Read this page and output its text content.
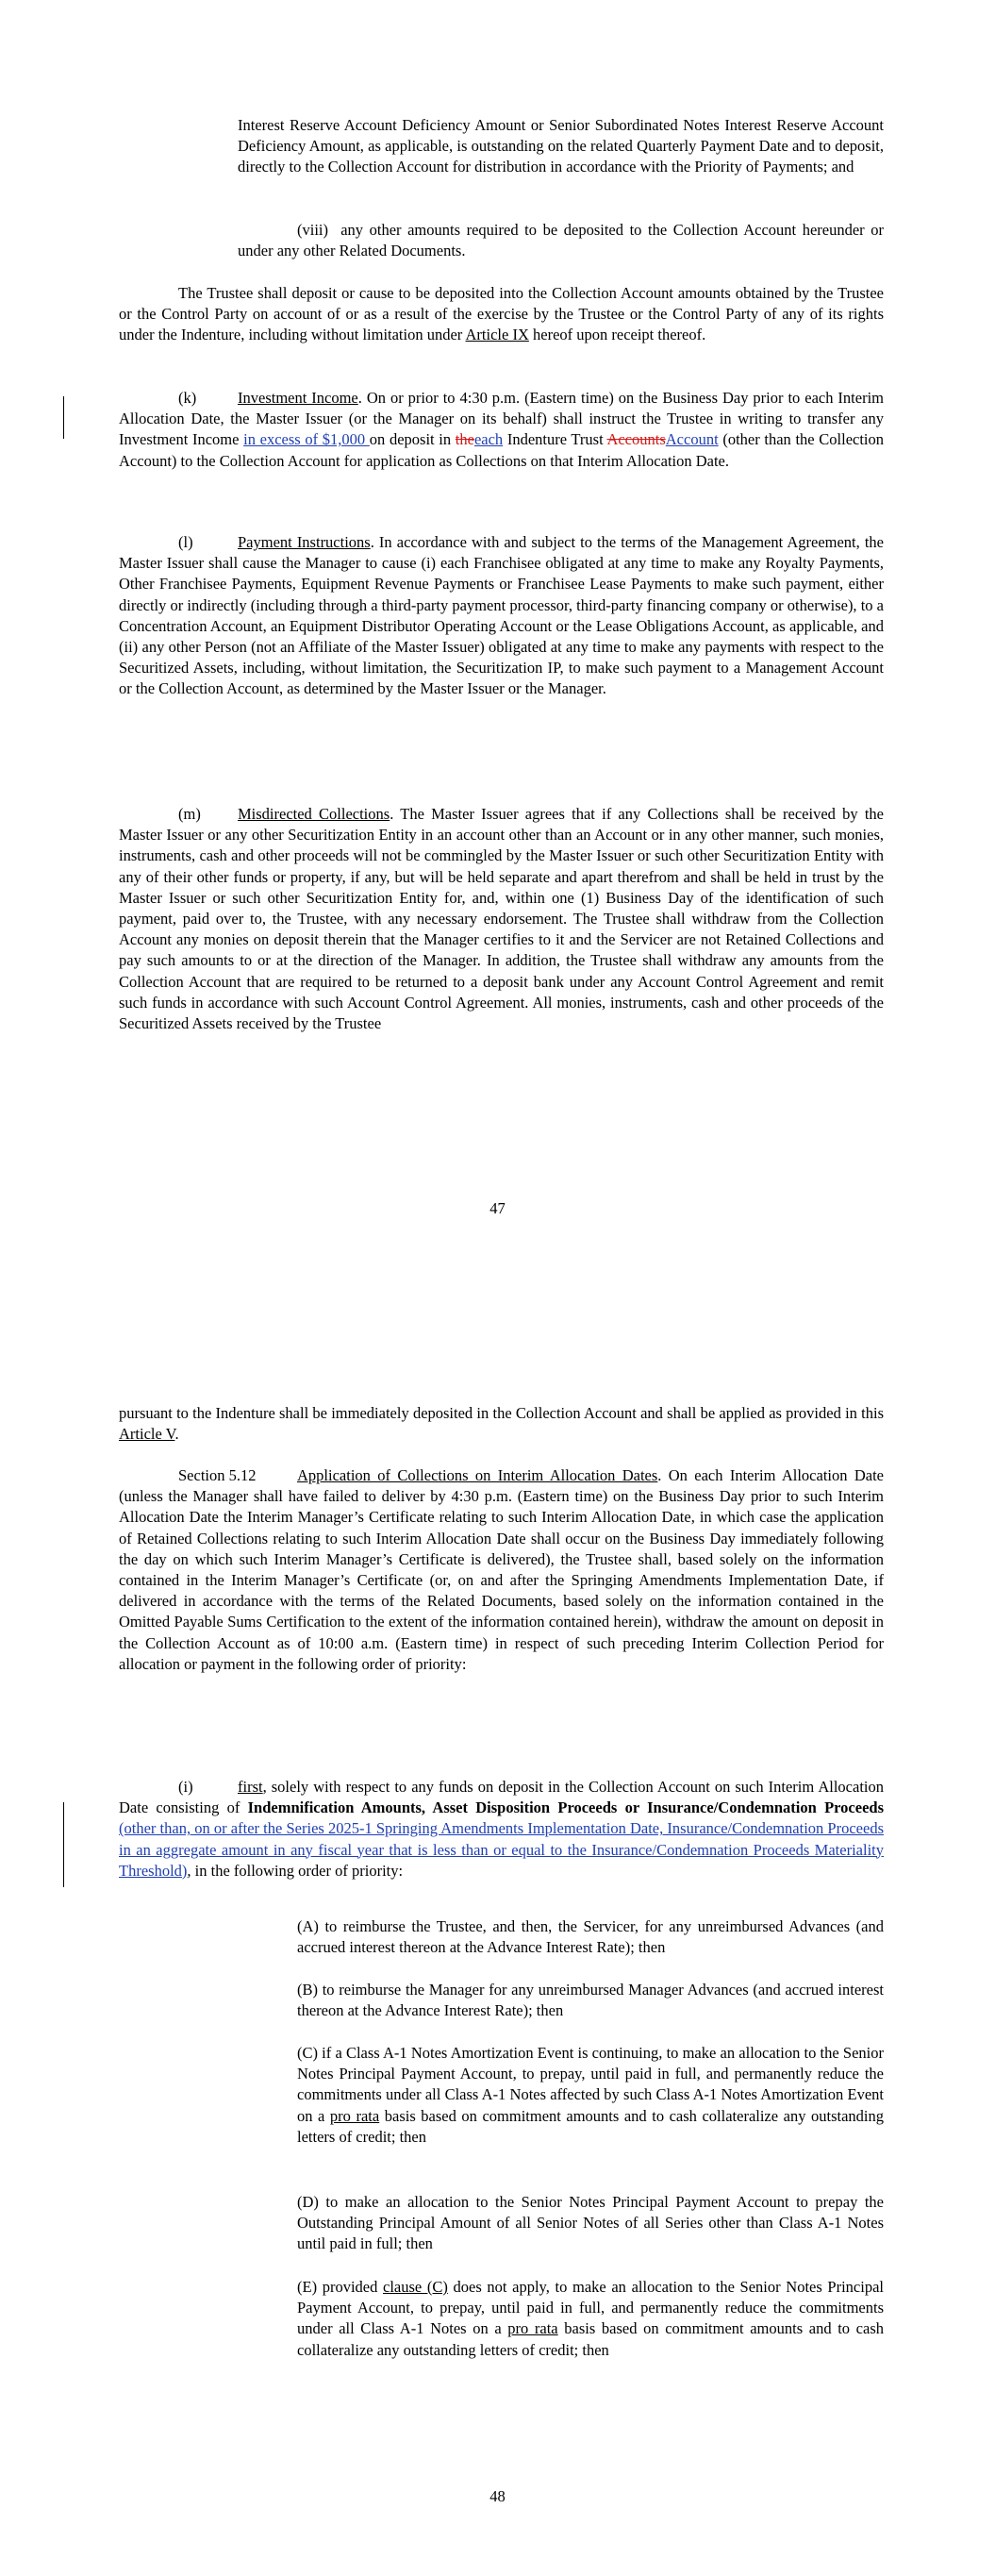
Interest Reserve Account Deficiency Amount or Senior Subordinated Notes Interest Reserve Account Deficiency Amount, as applicable, is outstanding on the related Quarterly Payment Date and to deposit, directly to the Collection Account for distribution in accordance with the Priority of Payments; and

(viii) any other amounts required to be deposited to the Collection Account hereunder or under any other Related Documents.

The Trustee shall deposit or cause to be deposited into the Collection Account amounts obtained by the Trustee or the Control Party on account of or as a result of the exercise by the Trustee or the Control Party of any of its rights under the Indenture, including without limitation under Article IX hereof upon receipt thereof.

(k)	Investment Income. On or prior to 4:30 p.m. (Eastern time) on the Business Day prior to each Interim Allocation Date, the Master Issuer (or the Manager on its behalf) shall instruct the Trustee in writing to transfer any Investment Income in excess of $1,000 on deposit in theeach Indenture Trust AccountsAccount (other than the Collection Account) to the Collection Account for application as Collections on that Interim Allocation Date.

(l)	Payment Instructions. In accordance with and subject to the terms of the Management Agreement, the Master Issuer shall cause the Manager to cause (i) each Franchisee obligated at any time to make any Royalty Payments, Other Franchisee Payments, Equipment Revenue Payments or Franchisee Lease Payments to make such payment, either directly or indirectly (including through a third-party payment processor, third-party financing company or otherwise), to a Concentration Account, an Equipment Distributor Operating Account or the Lease Obligations Account, as applicable, and (ii) any other Person (not an Affiliate of the Master Issuer) obligated at any time to make any payments with respect to the Securitized Assets, including, without limitation, the Securitization IP, to make such payment to a Management Account or the Collection Account, as determined by the Master Issuer or the Manager.

(m) Misdirected Collections. The Master Issuer agrees that if any Collections shall be received by the Master Issuer or any other Securitization Entity in an account other than an Account or in any other manner, such monies, instruments, cash and other proceeds will not be commingled by the Master Issuer or such other Securitization Entity with any of their other funds or property, if any, but will be held separate and apart therefrom and shall be held in trust by the Master Issuer or such other Securitization Entity for, and, within one (1) Business Day of the identification of such payment, paid over to, the Trustee, with any necessary endorsement. The Trustee shall withdraw from the Collection Account any monies on deposit therein that the Manager certifies to it and the Servicer are not Retained Collections and pay such amounts to or at the direction of the Manager. In addition, the Trustee shall withdraw any amounts from the Collection Account that are required to be returned to a deposit bank under any Account Control Agreement and remit such funds in accordance with such Account Control Agreement. All monies, instruments, cash and other proceeds of the Securitized Assets received by the Trustee

47

pursuant to the Indenture shall be immediately deposited in the Collection Account and shall be applied as provided in this Article V.

Section 5.12	Application of Collections on Interim Allocation Dates. On each Interim Allocation Date (unless the Manager shall have failed to deliver by 4:30 p.m. (Eastern time) on the Business Day prior to such Interim Allocation Date the Interim Manager’s Certificate relating to such Interim Allocation Date, in which case the application of Retained Collections relating to such Interim Allocation Date shall occur on the Business Day immediately following the day on which such Interim Manager’s Certificate is delivered), the Trustee shall, based solely on the information contained in the Interim Manager’s Certificate (or, on and after the Springing Amendments Implementation Date, if delivered in accordance with the terms of the Related Documents, based solely on the information contained in the Omitted Payable Sums Certification to the extent of the information contained herein), withdraw the amount on deposit in the Collection Account as of 10:00 a.m. (Eastern time) in respect of such preceding Interim Collection Period for allocation or payment in the following order of priority:

(i)	first, solely with respect to any funds on deposit in the Collection Account on such Interim Allocation Date consisting of Indemnification Amounts, Asset Disposition Proceeds or Insurance/Condemnation Proceeds (other than, on or after the Series 2025-1 Springing Amendments Implementation Date, Insurance/Condemnation Proceeds in an aggregate amount in any fiscal year that is less than or equal to the Insurance/Condemnation Proceeds Materiality Threshold), in the following order of priority:

(A) to reimburse the Trustee, and then, the Servicer, for any unreimbursed Advances (and accrued interest thereon at the Advance Interest Rate); then

(B) to reimburse the Manager for any unreimbursed Manager Advances (and accrued interest thereon at the Advance Interest Rate); then

(C) if a Class A-1 Notes Amortization Event is continuing, to make an allocation to the Senior Notes Principal Payment Account, to prepay, until paid in full, and permanently reduce the commitments under all Class A-1 Notes affected by such Class A-1 Notes Amortization Event on a pro rata basis based on commitment amounts and to cash collateralize any outstanding letters of credit; then

(D) to make an allocation to the Senior Notes Principal Payment Account to prepay the Outstanding Principal Amount of all Senior Notes of all Series other than Class A-1 Notes until paid in full; then

(E) provided clause (C) does not apply, to make an allocation to the Senior Notes Principal Payment Account, to prepay, until paid in full, and permanently reduce the commitments under all Class A-1 Notes on a pro rata basis based on commitment amounts and to cash collateralize any outstanding letters of credit; then

48
